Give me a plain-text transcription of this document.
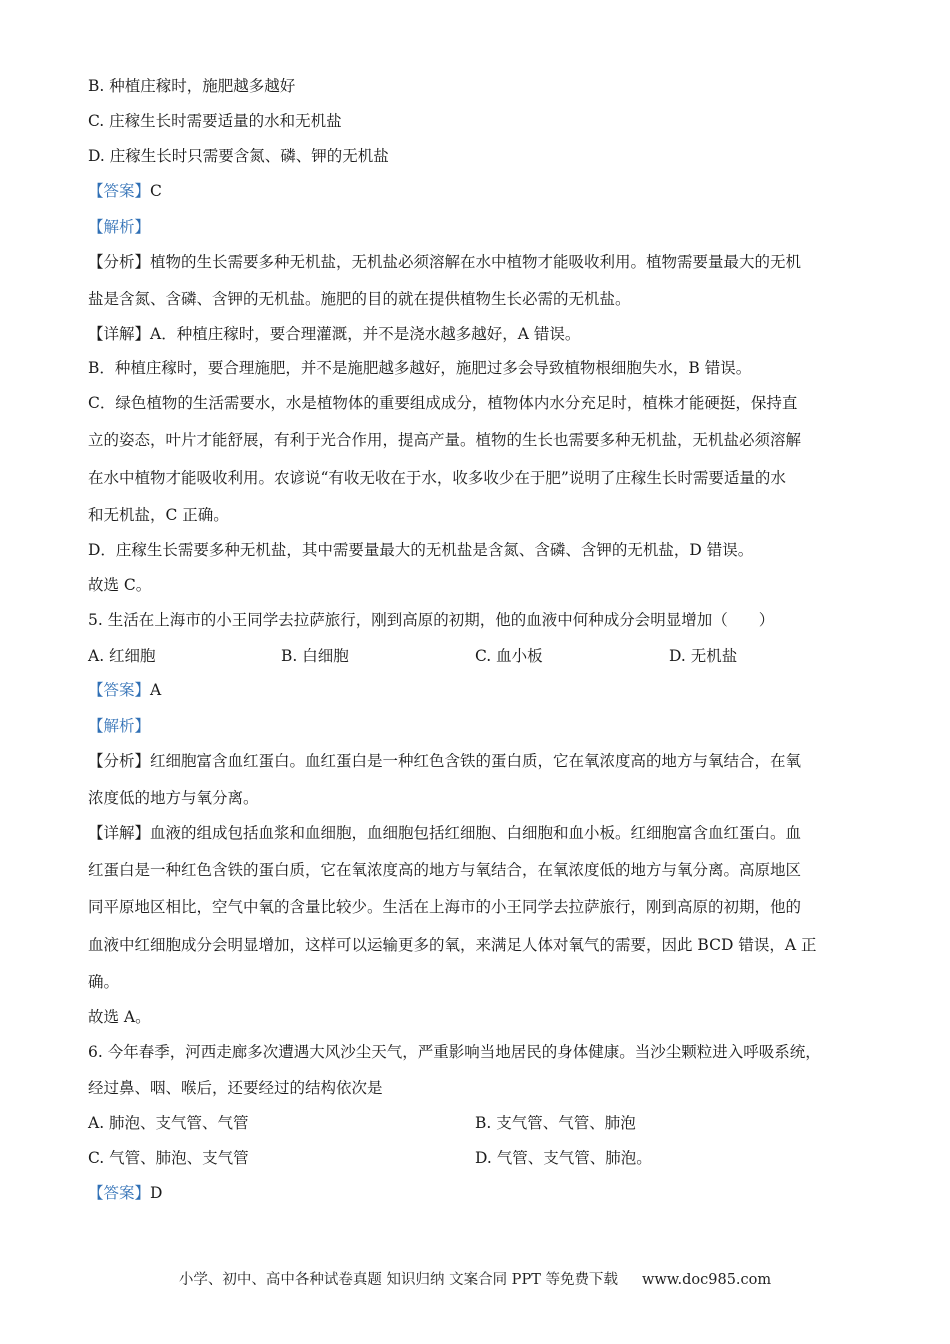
B. 种植庄稼时，施肥越多越好
C. 庄稼生长时需要适量的水和无机盐
D. 庄稼生长时只需要含氮、磷、钾的无机盐
【答案】C
【解析】
【分析】植物的生长需要多种无机盐，无机盐必须溶解在水中植物才能吸收利用。植物需要量最大的无机
盐是含氮、含磷、含钾的无机盐。施肥的目的就在提供植物生长必需的无机盐。
【详解】A．种植庄稼时，要合理灌溉，并不是浇水越多越好，A 错误。
B．种植庄稼时，要合理施肥，并不是施肥越多越好，施肥过多会导致植物根细胞失水，B 错误。
C．绿色植物的生活需要水，水是植物体的重要组成成分，植物体内水分充足时，植株才能硬挺，保持直
立的姿态，叶片才能舒展，有利于光合作用，提高产量。植物的生长也需要多种无机盐，无机盐必须溶解
在水中植物才能吸收利用。农谚说“有收无收在于水，收多收少在于肥”说明了庄稼生长时需要适量的水
和无机盐，C 正确。
D．庄稼生长需要多种无机盐，其中需要量最大的无机盐是含氮、含磷、含钾的无机盐，D 错误。
故选 C。
5. 生活在上海市的小王同学去拉萨旅行，刚到高原的初期，他的血液中何种成分会明显增加（　　）
A. 红细胞	B. 白细胞	C. 血小板	D. 无机盐
【答案】A
【解析】
【分析】红细胞富含血红蛋白。血红蛋白是一种红色含铁的蛋白质，它在氧浓度高的地方与氧结合，在氧
浓度低的地方与氧分离。
【详解】血液的组成包括血浆和血细胞，血细胞包括红细胞、白细胞和血小板。红细胞富含血红蛋白。血
红蛋白是一种红色含铁的蛋白质，它在氧浓度高的地方与氧结合，在氧浓度低的地方与氧分离。高原地区
同平原地区相比，空气中氧的含量比较少。生活在上海市的小王同学去拉萨旅行，刚到高原的初期，他的
血液中红细胞成分会明显增加，这样可以运输更多的氧，来满足人体对氧气的需要，因此 BCD 错误，A 正
确。
故选 A。
6. 今年春季，河西走廊多次遭遇大风沙尘天气，严重影响当地居民的身体健康。当沙尘颗粒进入呼吸系统，
经过鼻、咽、喉后，还要经过的结构依次是
A. 肺泡、支气管、气管	B. 支气管、气管、肺泡
C. 气管、肺泡、支气管	D. 气管、支气管、肺泡。
【答案】D
小学、初中、高中各种试卷真题 知识归纳 文案合同 PPT 等免费下载 www.doc985.com
